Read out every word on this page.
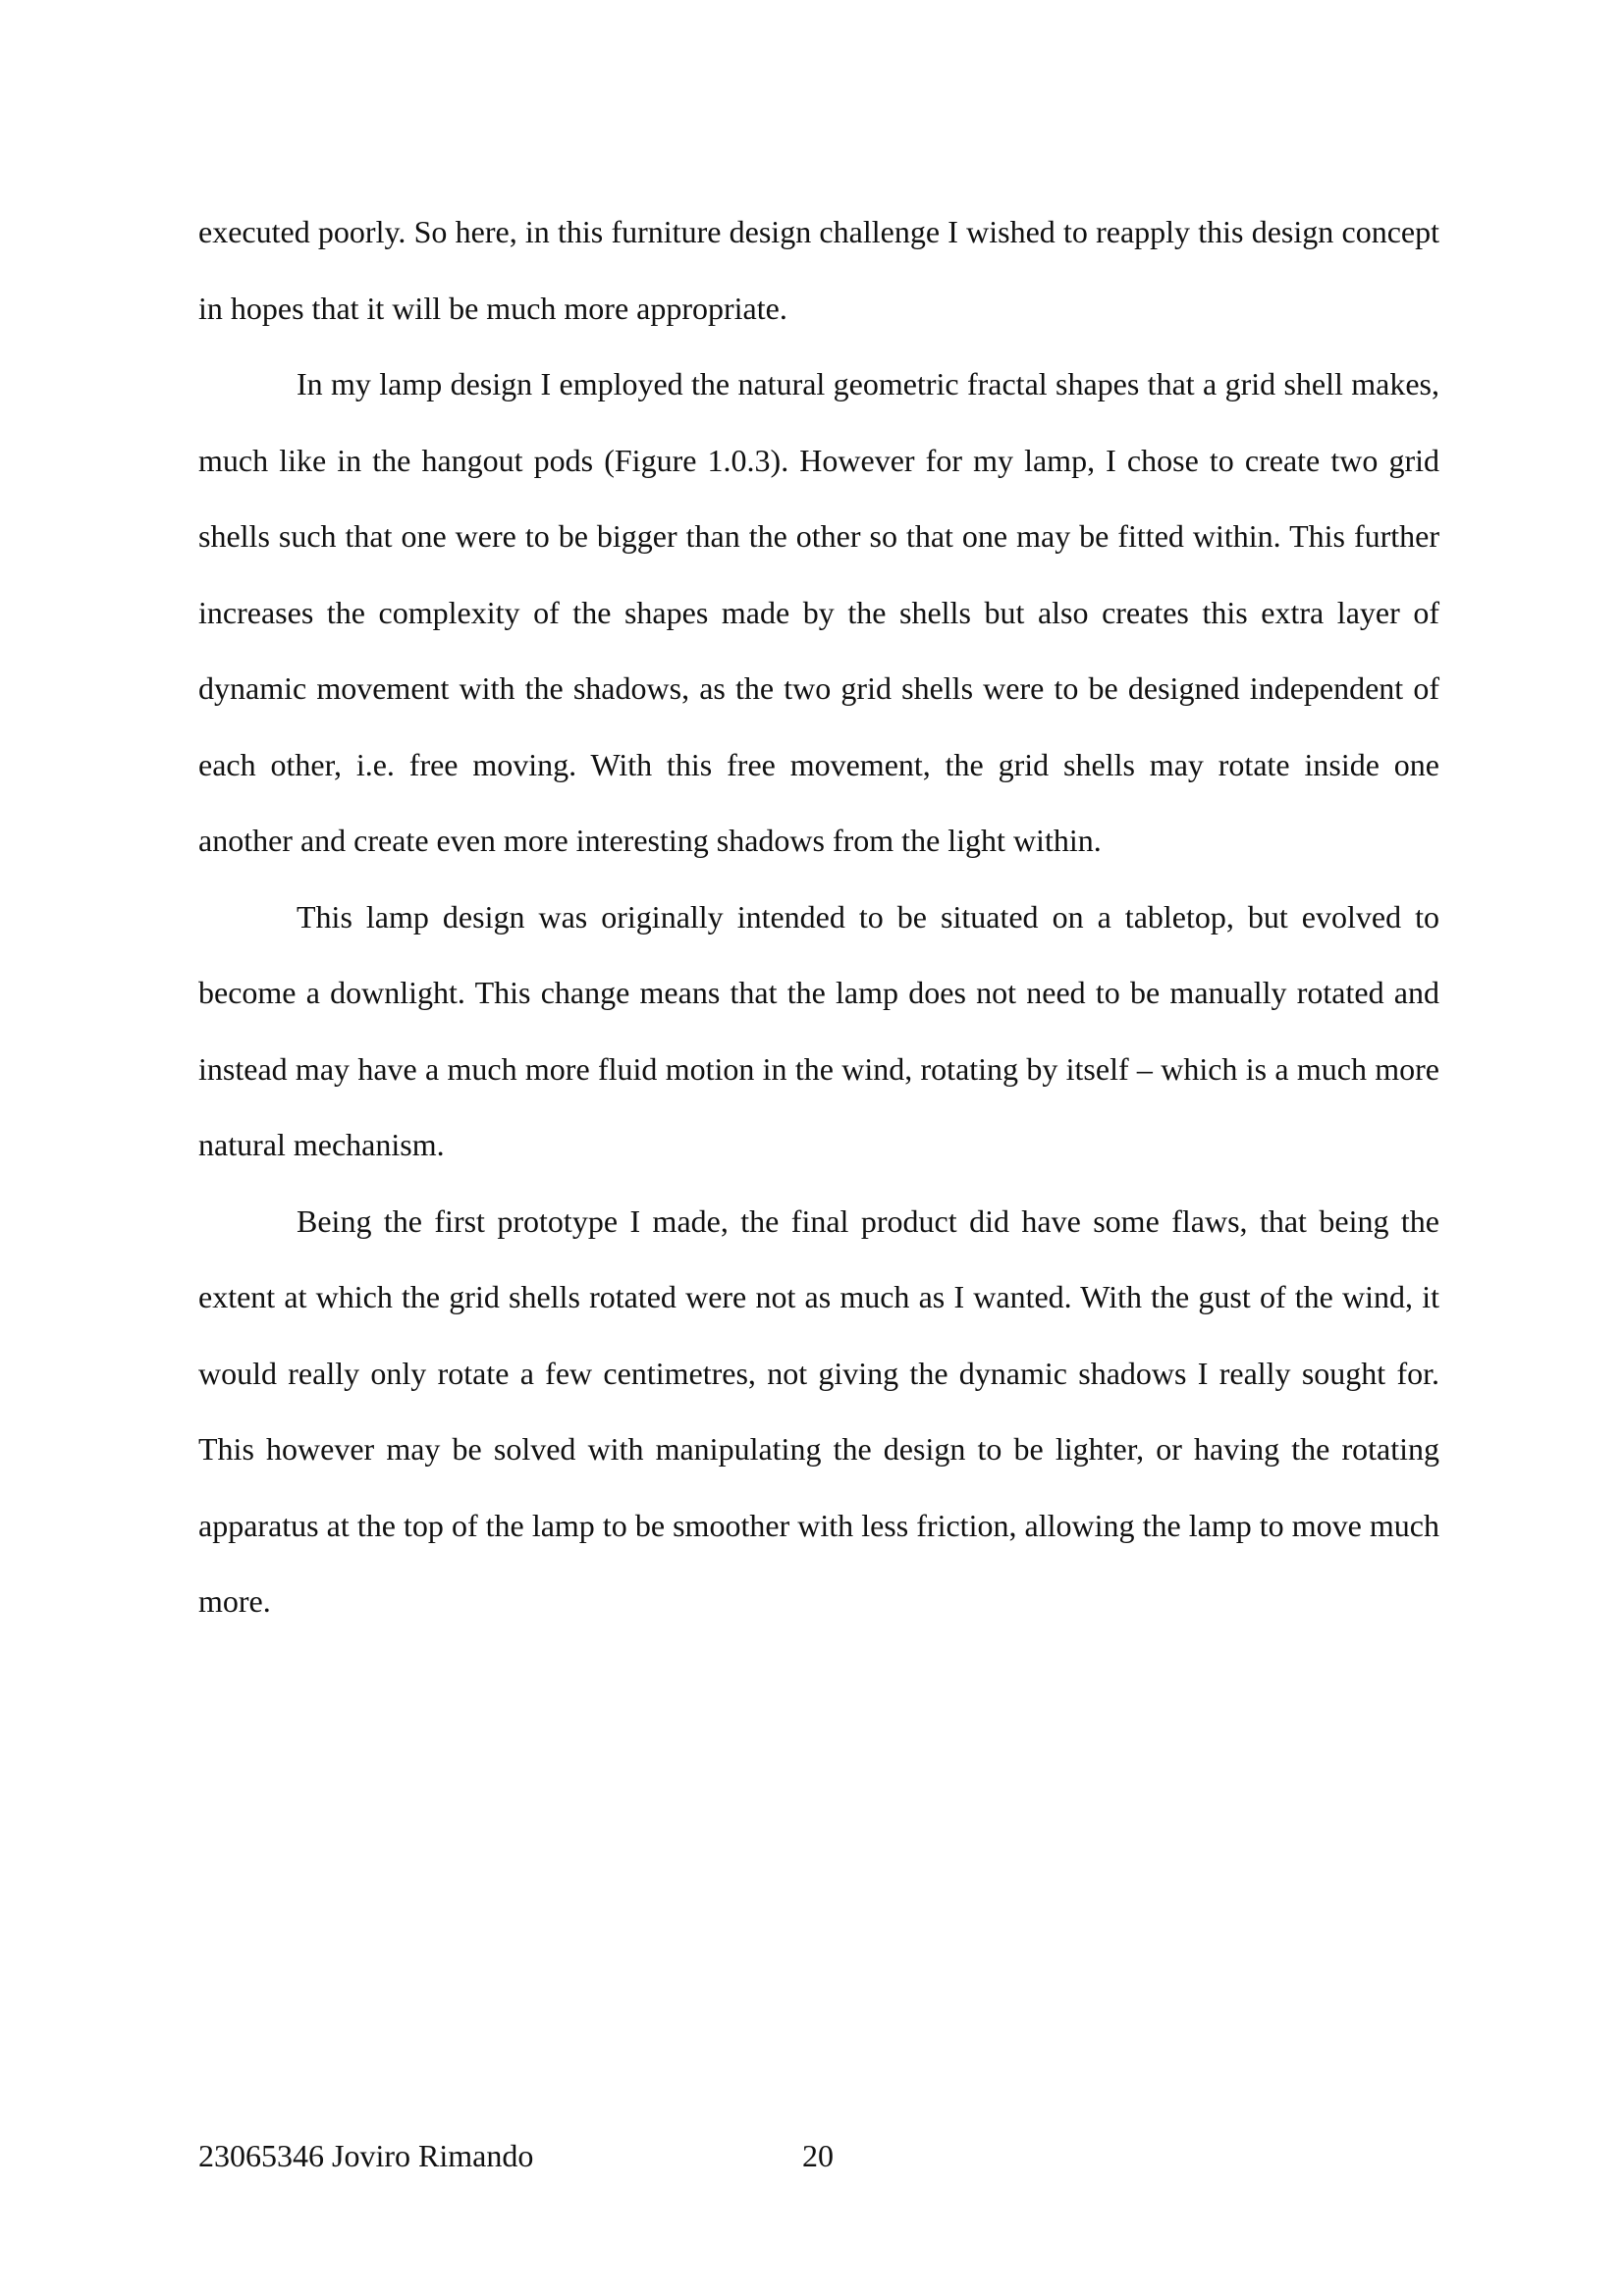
executed poorly. So here, in this furniture design challenge I wished to reapply this design concept in hopes that it will be much more appropriate.

In my lamp design I employed the natural geometric fractal shapes that a grid shell makes, much like in the hangout pods (Figure 1.0.3). However for my lamp, I chose to create two grid shells such that one were to be bigger than the other so that one may be fitted within. This further increases the complexity of the shapes made by the shells but also creates this extra layer of dynamic movement with the shadows, as the two grid shells were to be designed independent of each other, i.e. free moving. With this free movement, the grid shells may rotate inside one another and create even more interesting shadows from the light within.

This lamp design was originally intended to be situated on a tabletop, but evolved to become a downlight. This change means that the lamp does not need to be manually rotated and instead may have a much more fluid motion in the wind, rotating by itself – which is a much more natural mechanism.

Being the first prototype I made, the final product did have some flaws, that being the extent at which the grid shells rotated were not as much as I wanted. With the gust of the wind, it would really only rotate a few centimetres, not giving the dynamic shadows I really sought for. This however may be solved with manipulating the design to be lighter, or having the rotating apparatus at the top of the lamp to be smoother with less friction, allowing the lamp to move much more.

23065346 Joviro Rimando	20
